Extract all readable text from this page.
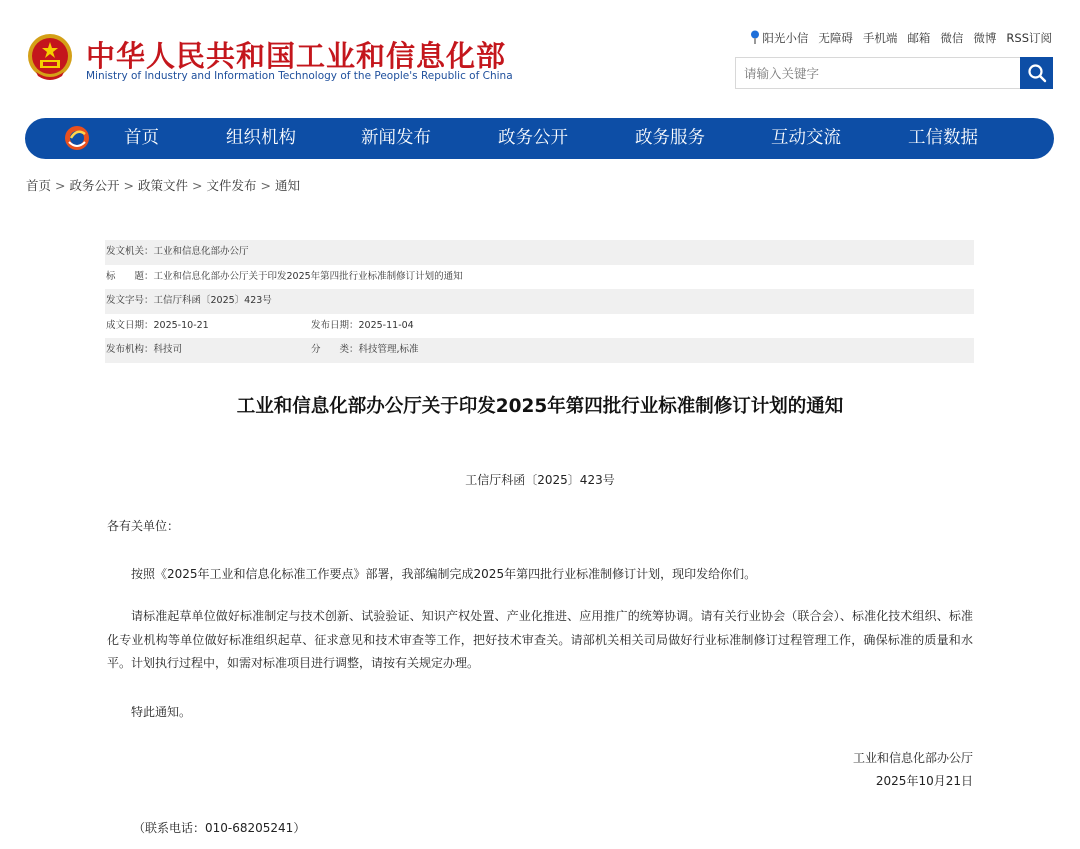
中华人民共和国工业和信息化部
Ministry of Industry and Information Technology of the People's Republic of China
阳光小信 无障碍 手机端 邮箱 微信 微博 RSS订阅
请输入关键字
首页	组织机构	新闻发布	政务公开	政务服务	互动交流	工信数据
首页 > 政务公开 > 政策文件 > 文件发布 > 通知
发文机关：工业和信息化部办公厅
标　　题：工业和信息化部办公厅关于印发2025年第四批行业标准制修订计划的通知
发文字号：工信厅科函〔2025〕423号
成文日期：2025-10-21	发布日期：2025-11-04
发布机构：科技司	分　　类：科技管理,标准
工业和信息化部办公厅关于印发2025年第四批行业标准制修订计划的通知
工信厅科函〔2025〕423号
各有关单位：
按照《2025年工业和信息化标准工作要点》部署，我部编制完成2025年第四批行业标准制修订计划，现印发给你们。
请标准起草单位做好标准制定与技术创新、试验验证、知识产权处置、产业化推进、应用推广的统筹协调。请有关行业协会（联合会）、标准化技术组织、标准化专业机构等单位做好标准组织起草、征求意见和技术审查等工作，把好技术审查关。请部机关相关司局做好行业标准制修订过程管理工作，确保标准的质量和水平。计划执行过程中，如需对标准项目进行调整，请按有关规定办理。
特此通知。
工业和信息化部办公厅
2025年10月21日
（联系电话：010-68205241）
